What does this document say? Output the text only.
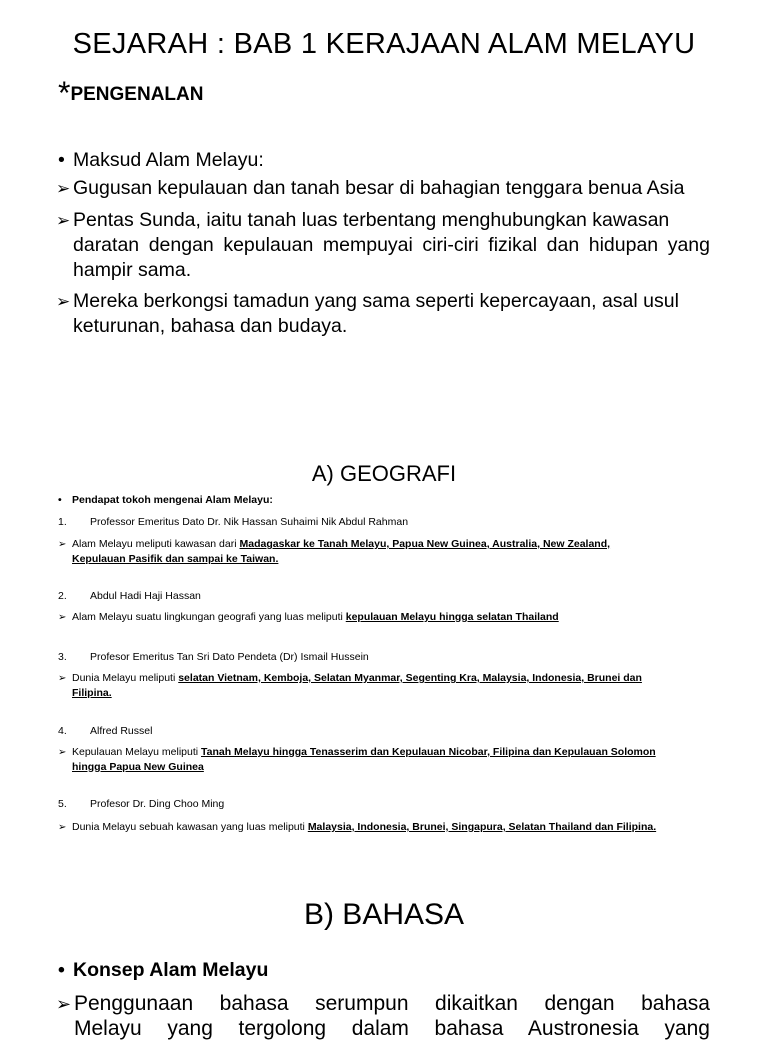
SEJARAH : BAB 1 KERAJAAN ALAM MELAYU
*PENGENALAN
• Maksud Alam Melayu:
➢ Gugusan kepulauan dan tanah besar di bahagian tenggara benua Asia
➢ Pentas Sunda, iaitu tanah luas terbentang menghubungkan kawasan
daratan dengan kepulauan mempuyai ciri-ciri fizikal dan hidupan yang hampir sama.
➢ Mereka berkongsi tamadun yang sama seperti kepercayaan, asal usul
keturunan, bahasa dan budaya.
A) GEOGRAFI
• Pendapat tokoh mengenai Alam Melayu:
1. Professor Emeritus Dato Dr. Nik Hassan Suhaimi Nik Abdul Rahman
➢ Alam Melayu meliputi kawasan dari Madagaskar ke Tanah Melayu, Papua New Guinea, Australia, New Zealand,
Kepulauan Pasifik dan sampai ke Taiwan.
2. Abdul Hadi Haji Hassan
➢ Alam Melayu suatu lingkungan geografi yang luas meliputi kepulauan Melayu hingga selatan Thailand
3. Profesor Emeritus Tan Sri Dato Pendeta (Dr) Ismail Hussein
➢ Dunia Melayu meliputi selatan Vietnam, Kemboja, Selatan Myanmar, Segenting Kra, Malaysia, Indonesia, Brunei dan
Filipina.
4. Alfred Russel
➢ Kepulauan Melayu meliputi Tanah Melayu hingga Tenasserim dan Kepulauan Nicobar, Filipina dan Kepulauan Solomon
hingga Papua New Guinea
5.Profesor Dr. Ding Choo Ming
➢ Dunia Melayu sebuah kawasan yang luas meliputi Malaysia, Indonesia, Brunei, Singapura, Selatan Thailand dan Filipina.
B) BAHASA
• Konsep Alam Melayu
➢ Penggunaan bahasa serumpun dikaitkan dengan bahasa
Melayu yang tergolong dalam bahasa Austronesia yang
